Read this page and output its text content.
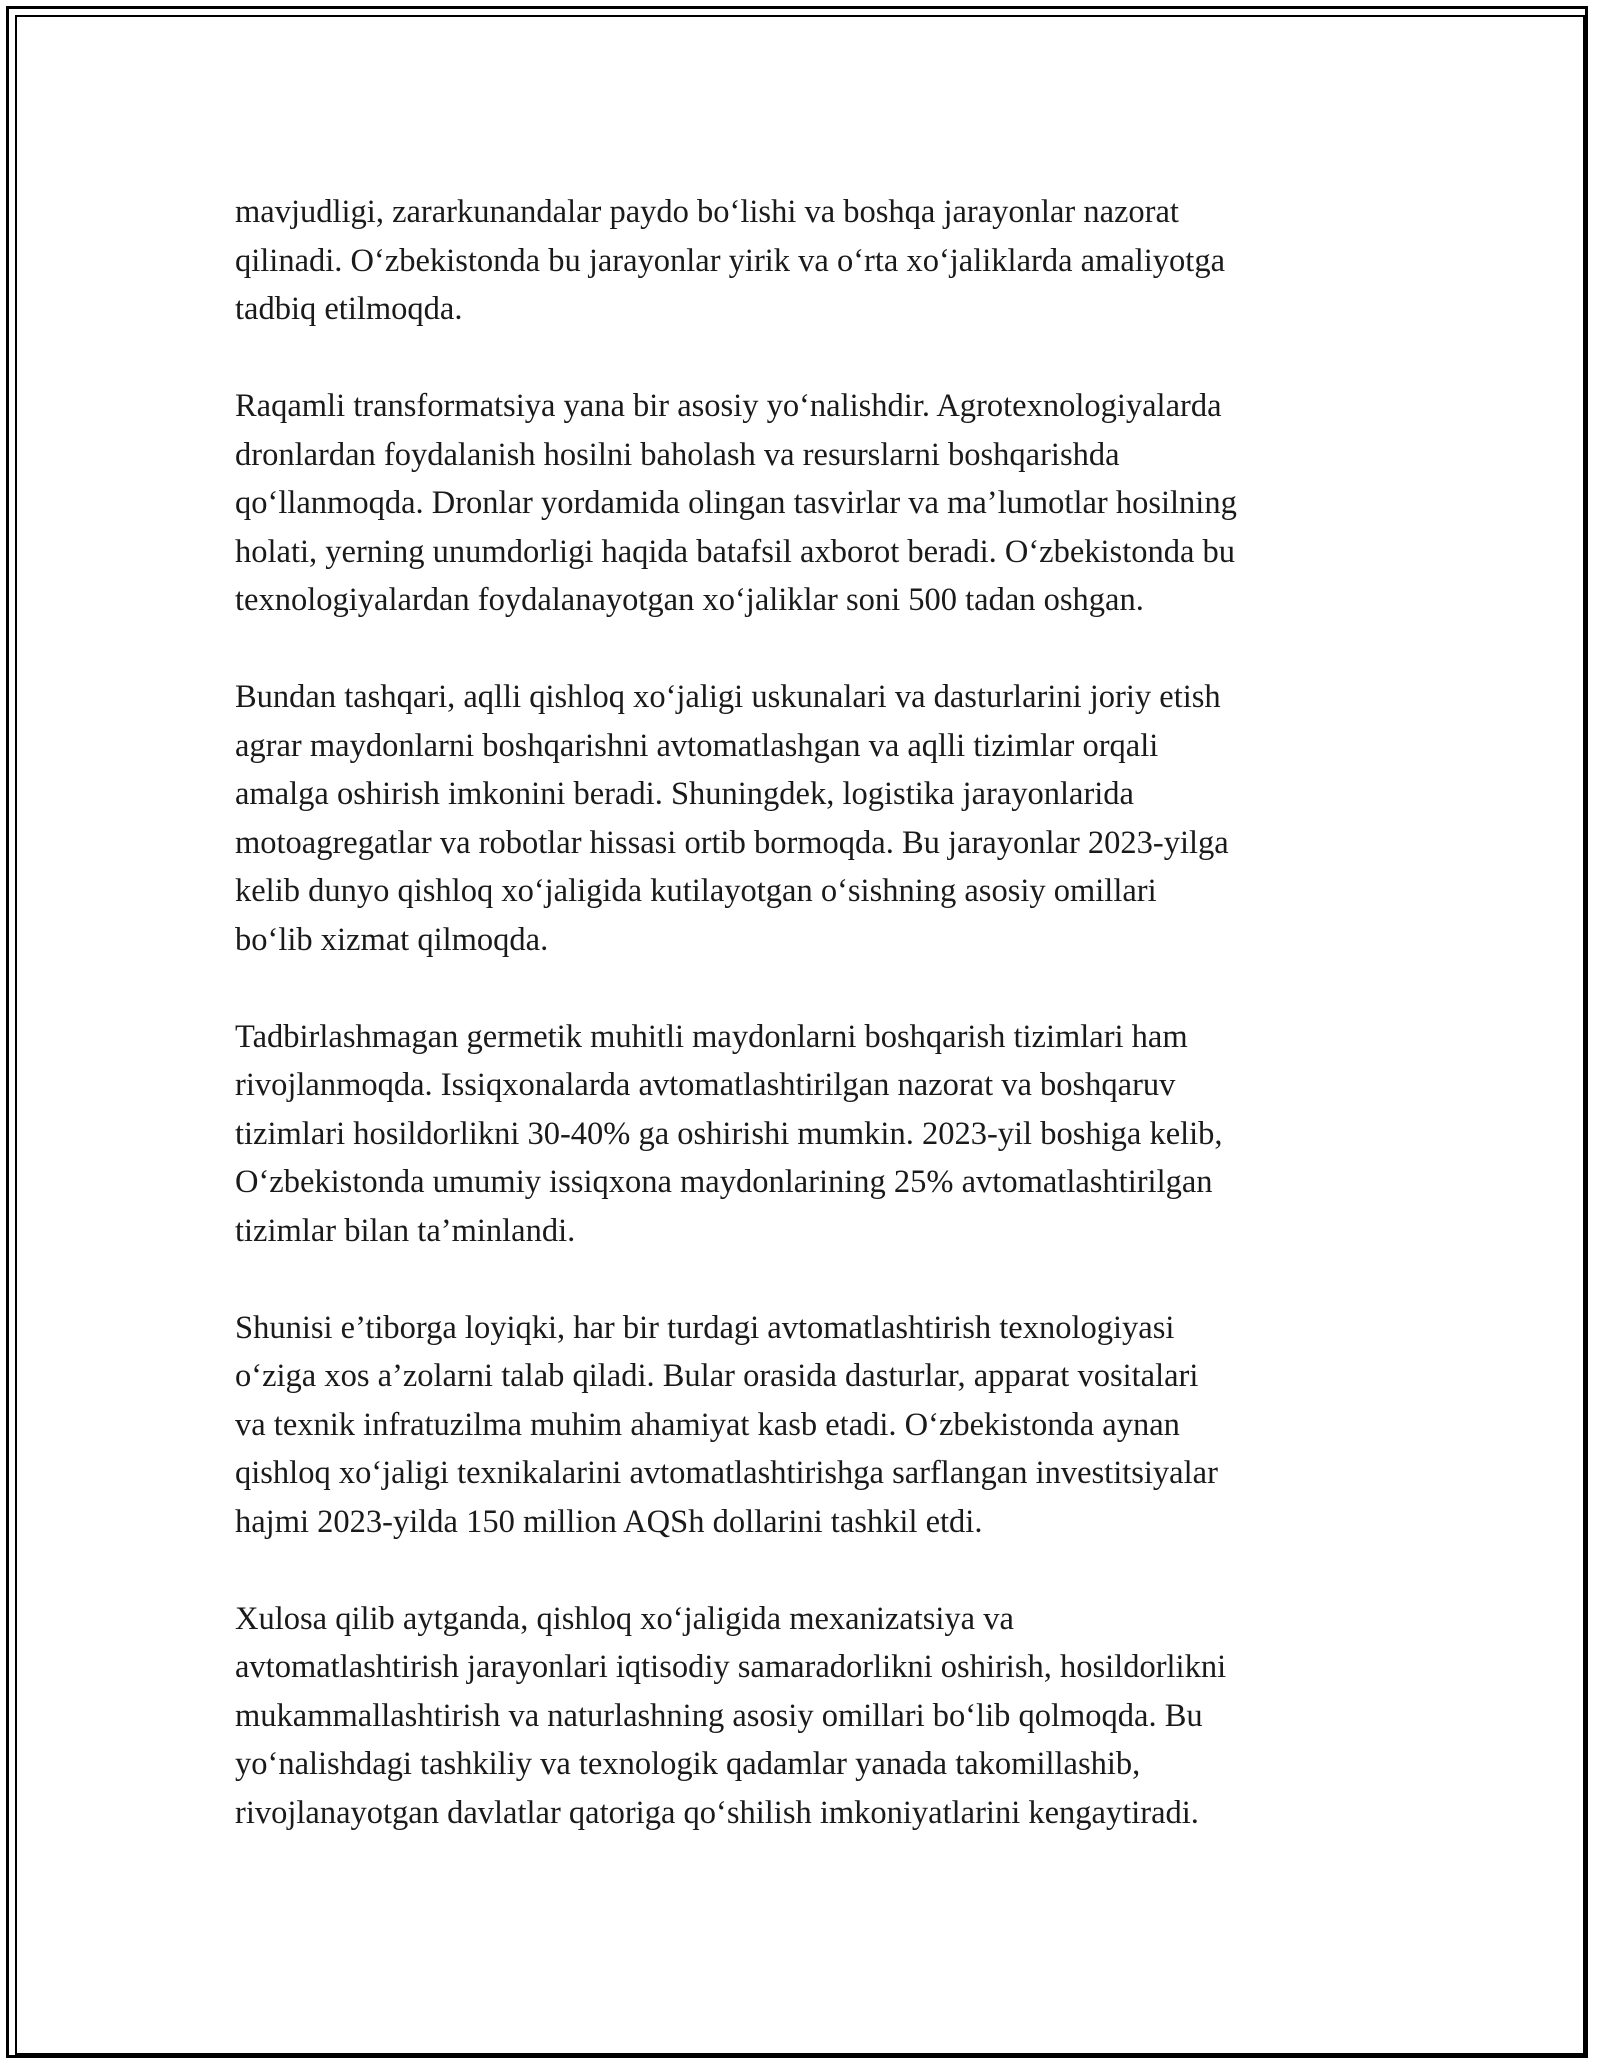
mavjudligi, zararkunandalar paydo bo‘lishi va boshqa jarayonlar nazorat
qilinadi. O‘zbekistonda bu jarayonlar yirik va o‘rta xo‘jaliklarda amaliyotga
tadbiq etilmoqda.

Raqamli transformatsiya yana bir asosiy yo‘nalishdir. Agrotexnologiyalarda
dronlardan foydalanish hosilni baholash va resurslarni boshqarishda
qo‘llanmoqda. Dronlar yordamida olingan tasvirlar va ma’lumotlar hosilning
holati, yerning unumdorligi haqida batafsil axborot beradi. O‘zbekistonda bu
texnologiyalardan foydalanayotgan xo‘jaliklar soni 500 tadan oshgan.

Bundan tashqari, aqlli qishloq xo‘jaligi uskunalari va dasturlarini joriy etish
agrar maydonlarni boshqarishni avtomatlashgan va aqlli tizimlar orqali
amalga oshirish imkonini beradi. Shuningdek, logistika jarayonlarida
motoagregatlar va robotlar hissasi ortib bormoqda. Bu jarayonlar 2023-yilga
kelib dunyo qishloq xo‘jaligida kutilayotgan o‘sishning asosiy omillari
bo‘lib xizmat qilmoqda.

Tadbirlashmagan germetik muhitli maydonlarni boshqarish tizimlari ham
rivojlanmoqda. Issiqxonalarda avtomatlashtirilgan nazorat va boshqaruv
tizimlari hosildorlikni 30-40% ga oshirishi mumkin. 2023-yil boshiga kelib,
O‘zbekistonda umumiy issiqxona maydonlarining 25% avtomatlashtirilgan
tizimlar bilan ta’minlandi.

Shunisi e’tiborga loyiqki, har bir turdagi avtomatlashtirish texnologiyasi
o‘ziga xos a’zolarni talab qiladi. Bular orasida dasturlar, apparat vositalari
va texnik infratuzilma muhim ahamiyat kasb etadi. O‘zbekistonda aynan
qishloq xo‘jaligi texnikalarini avtomatlashtirishga sarflangan investitsiyalar
hajmi 2023-yilda 150 million AQSh dollarini tashkil etdi.

Xulosa qilib aytganda, qishloq xo‘jaligida mexanizatsiya va
avtomatlashtirish jarayonlari iqtisodiy samaradorlikni oshirish, hosildorlikni
mukammallashtirish va naturlashning asosiy omillari bo‘lib qolmoqda. Bu
yo‘nalishdagi tashkiliy va texnologik qadamlar yanada takomillashib,
rivojlanayotgan davlatlar qatoriga qo‘shilish imkoniyatlarini kengaytiradi.
